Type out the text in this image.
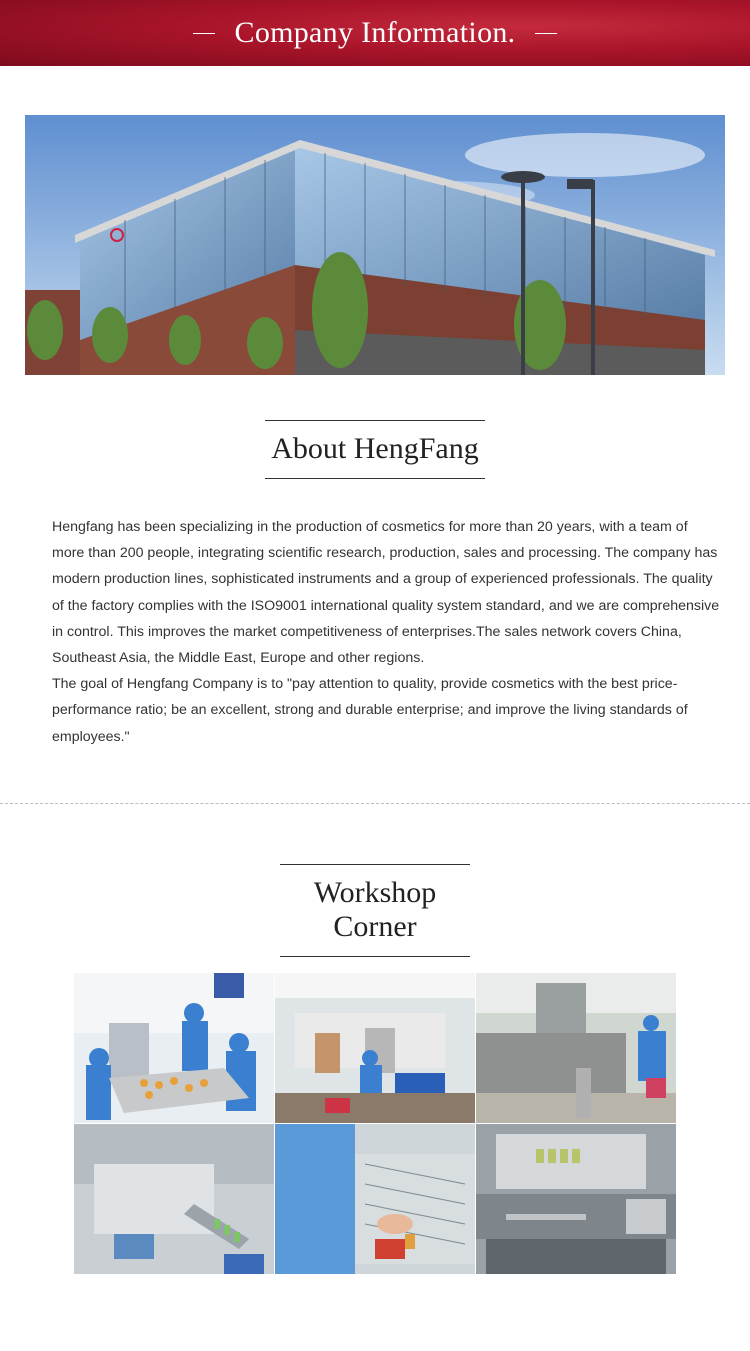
Company Information.
About HengFang

Hengfang has been specializing in the production of cosmetics for more than 20 years, with a team of more than 200 people, integrating scientific research, production, sales and processing. The company has modern production lines, sophisticated instruments and a group of experienced professionals. The quality of the factory complies with the ISO9001 international quality system standard, and we are comprehensive in control. This improves the market competitiveness of enterprises.The sales network covers China, Southeast Asia, the Middle East, Europe and other regions.

The goal of Hengfang Company is to "pay attention to quality, provide cosmetics with the best price-performance ratio; be an excellent, strong and durable enterprise; and improve the living standards of employees."

Workshop Corner
